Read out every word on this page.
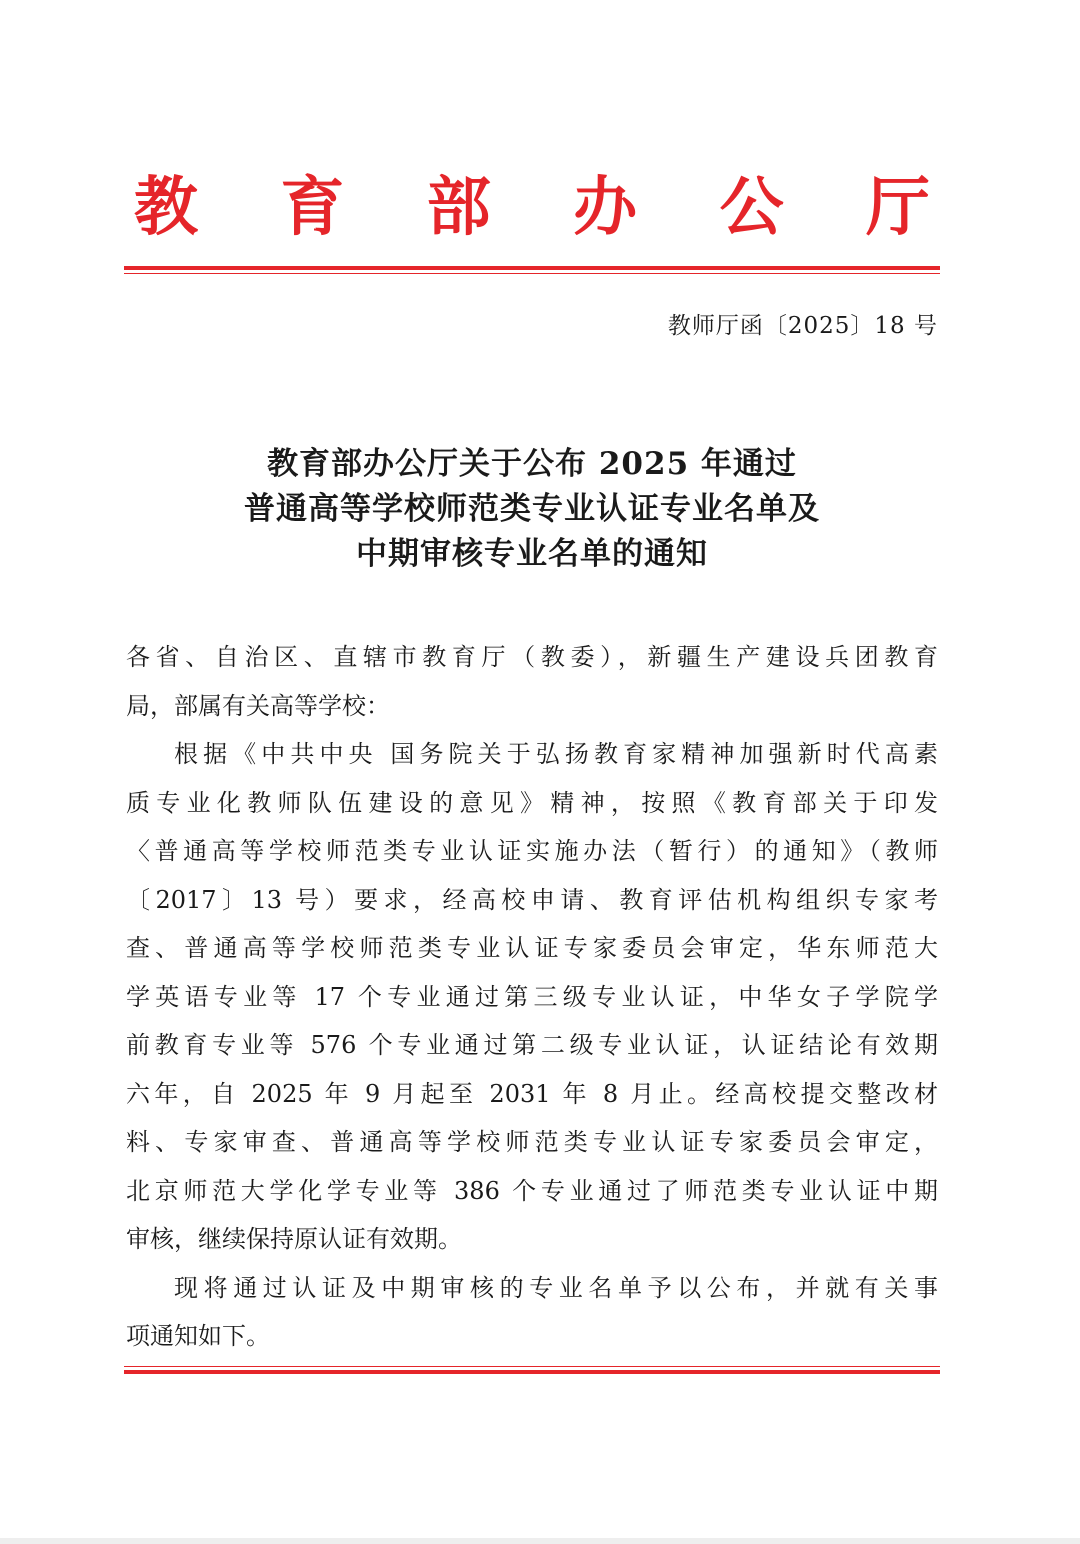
教 育 部 办 公 厅
教师厅函〔2025〕18 号
教育部办公厅关于公布 2025 年通过
普通高等学校师范类专业认证专业名单及
中期审核专业名单的通知
各省、自治区、直辖市教育厅（教委），新疆生产建设兵团教育
局，部属有关高等学校：
根据《中共中央 国务院关于弘扬教育家精神加强新时代高素
质专业化教师队伍建设的意见》精神，按照《教育部关于印发
〈普通高等学校师范类专业认证实施办法（暂行）的通知》（教师
〔2017〕13 号）要求，经高校申请、教育评估机构组织专家考
查、普通高等学校师范类专业认证专家委员会审定，华东师范大
学英语专业等 17 个专业通过第三级专业认证，中华女子学院学
前教育专业等 576 个专业通过第二级专业认证，认证结论有效期
六年，自 2025 年 9 月起至 2031 年 8 月止。经高校提交整改材
料、专家审查、普通高等学校师范类专业认证专家委员会审定，
北京师范大学化学专业等 386 个专业通过了师范类专业认证中期
审核，继续保持原认证有效期。
现将通过认证及中期审核的专业名单予以公布，并就有关事
项通知如下。
